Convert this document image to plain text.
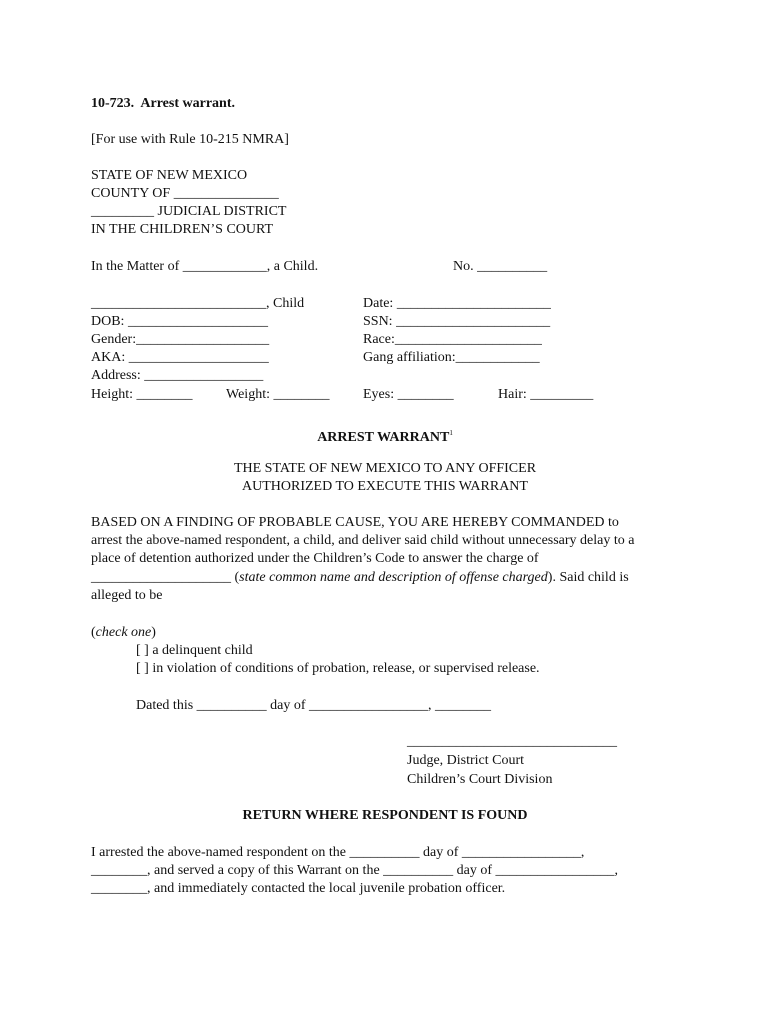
10-723.  Arrest warrant.
[For use with Rule 10-215 NMRA]
STATE OF NEW MEXICO
COUNTY OF _______________
_________ JUDICIAL DISTRICT
IN THE CHILDREN’S COURT
In the Matter of ____________, a Child.	No. __________
_________________________, Child
DOB: ____________________
Gender:___________________
AKA: ____________________
Address: _________________
Height: ________ Weight: ________
Date: ______________________
SSN: ______________________
Race:_____________________
Gang affiliation:____________
Eyes: ________	Hair: _________
ARREST WARRANT$^1$
THE STATE OF NEW MEXICO TO ANY OFFICER
AUTHORIZED TO EXECUTE THIS WARRANT
BASED ON A FINDING OF PROBABLE CAUSE, YOU ARE HEREBY COMMANDED to
arrest the above-named respondent, a child, and deliver said child without unnecessary delay to a
place of detention authorized under the Children’s Code to answer the charge of
____________________ (state common name and description of offense charged). Said child is
alleged to be
(check one)
[ ] a delinquent child
[ ] in violation of conditions of probation, release, or supervised release.
Dated this __________ day of _________________, ________
______________________________
Judge, District Court
Children’s Court Division
RETURN WHERE RESPONDENT IS FOUND
I arrested the above-named respondent on the __________ day of _________________,
________, and served a copy of this Warrant on the __________ day of _________________,
________, and immediately contacted the local juvenile probation officer.
